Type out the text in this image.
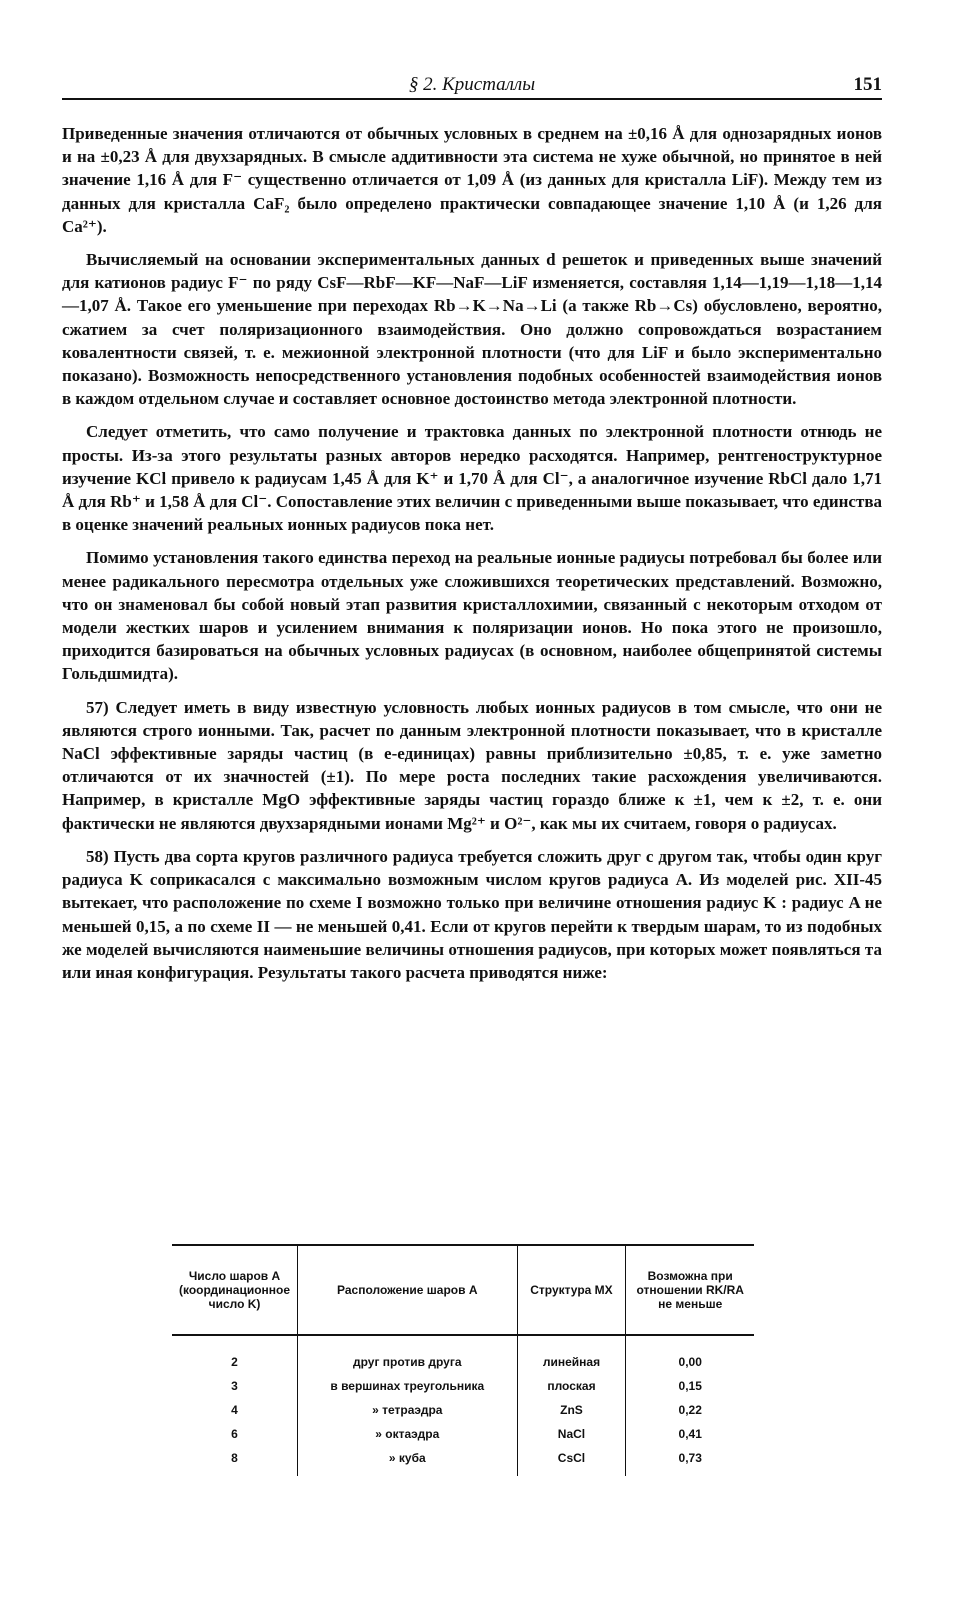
§ 2. Кристаллы	151

Приведенные значения отличаются от обычных условных в среднем на ±0,16 Å для однозарядных ионов и на ±0,23 Å для двухзарядных. В смысле аддитивности эта система не хуже обычной, но принятое в ней значение 1,16 Å для F⁻ существенно отличается от 1,09 Å (из данных для кристалла LiF). Между тем из данных для кристалла CaF₂ было определено практически совпадающее значение 1,10 Å (и 1,26 для Ca²⁺).

Вычисляемый на основании экспериментальных данных d решеток и приведенных выше значений для катионов радиус F⁻ по ряду CsF—RbF—KF—NaF—LiF изменяется, составляя 1,14—1,19—1,18—1,14—1,07 Å. Такое его уменьшение при переходах Rb→K→Na→Li (а также Rb→Cs) обусловлено, вероятно, сжатием за счет поляризационного взаимодействия. Оно должно сопровождаться возрастанием ковалентности связей, т. е. межионной электронной плотности (что для LiF и было экспериментально показано). Возможность непосредственного установления подобных особенностей взаимодействия ионов в каждом отдельном случае и составляет основное достоинство метода электронной плотности.

Следует отметить, что само получение и трактовка данных по электронной плотности отнюдь не просты. Из-за этого результаты разных авторов нередко расходятся. Например, рентгеноструктурное изучение KCl привело к радиусам 1,45 Å для K⁺ и 1,70 Å для Cl⁻, а аналогичное изучение RbCl дало 1,71 Å для Rb⁺ и 1,58 Å для Cl⁻. Сопоставление этих величин с приведенными выше показывает, что единства в оценке значений реальных ионных радиусов пока нет.

Помимо установления такого единства переход на реальные ионные радиусы потребовал бы более или менее радикального пересмотра отдельных уже сложившихся теоретических представлений. Возможно, что он знаменовал бы собой новый этап развития кристаллохимии, связанный с некоторым отходом от модели жестких шаров и усилением внимания к поляризации ионов. Но пока этого не произошло, приходится базироваться на обычных условных радиусах (в основном, наиболее общепринятой системы Гольдшмидта).

57) Следует иметь в виду известную условность любых ионных радиусов в том смысле, что они не являются строго ионными. Так, расчет по данным электронной плотности показывает, что в кристалле NaCl эффективные заряды частиц (в e-единицах) равны приблизительно ±0,85, т. е. уже заметно отличаются от их значностей (±1). По мере роста последних такие расхождения увеличиваются. Например, в кристалле MgO эффективные заряды частиц гораздо ближе к ±1, чем к ±2, т. е. они фактически не являются двухзарядными ионами Mg²⁺ и O²⁻, как мы их считаем, говоря о радиусах.

58) Пусть два сорта кругов различного радиуса требуется сложить друг с другом так, чтобы один круг радиуса K соприкасался с максимально возможным числом кругов радиуса A. Из моделей рис. XII-45 вытекает, что расположение по схеме I возможно только при величине отношения радиус K : радиус A не меньшей 0,15, а по схеме II — не меньшей 0,41. Если от кругов перейти к твердым шарам, то из подобных же моделей вычисляются наименьшие величины отношения радиусов, при которых может появляться та или иная конфигурация. Результаты такого расчета приводятся ниже:

Число шаров A (координационное число K)	Расположение шаров A	Структура MX	Возможна при отношении RK/RA не меньше
2	друг против друга	линейная	0,00
3	в вершинах треугольника	плоская	0,15
4	» тетраэдра	ZnS	0,22
6	» октаэдра	NaCl	0,41
8	» куба	CsCl	0,73
